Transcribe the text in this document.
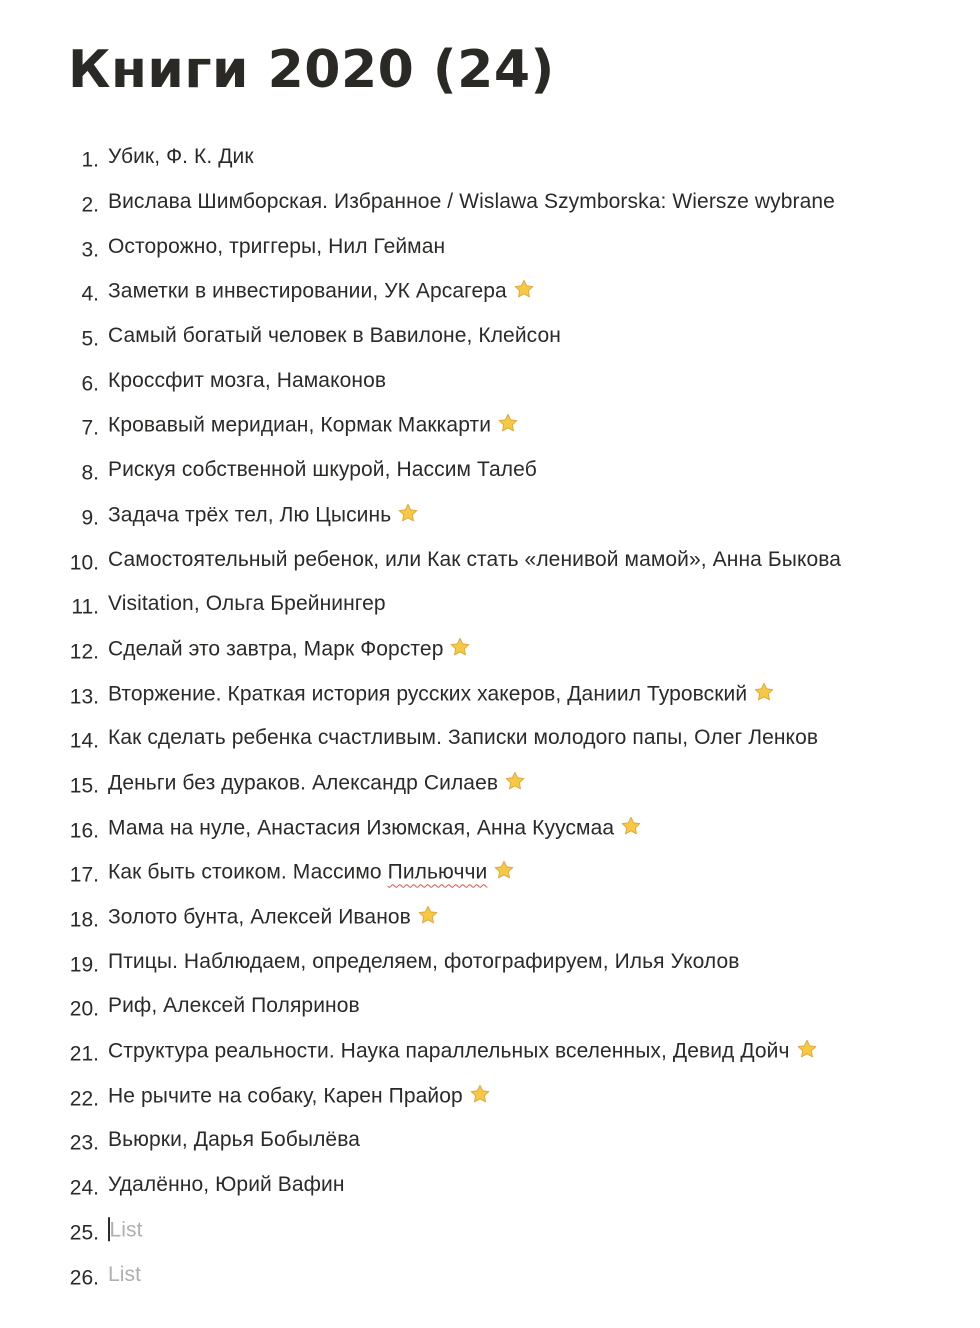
Книги 2020 (24)
1. Убик, Ф. К. Дик
2. Вислава Шимборская. Избранное / Wislawa Szymborska: Wiersze wybrane
3. Осторожно, триггеры, Нил Гейман
4. Заметки в инвестировании, УК Арсагера
5. Самый богатый человек в Вавилоне, Клейсон
6. Кроссфит мозга, Намаконов
7. Кровавый меридиан, Кормак Маккарти
8. Рискуя собственной шкурой, Нассим Талеб
9. Задача трёх тел, Лю Цысинь
10. Самостоятельный ребенок, или Как стать «ленивой мамой», Анна Быкова
11. Visitation, Ольга Брейнингер
12. Сделай это завтра, Марк Форстер
13. Вторжение. Краткая история русских хакеров, Даниил Туровский
14. Как сделать ребенка счастливым. Записки молодого папы, Олег Ленков
15. Деньги без дураков. Александр Силаев
16. Мама на нуле, Анастасия Изюмская, Анна Куусмаа
17. Как быть стоиком. Массимо Пильюччи
18. Золото бунта, Алексей Иванов
19. Птицы. Наблюдаем, определяем, фотографируем, Илья Уколов
20. Риф, Алексей Поляринов
21. Структура реальности. Наука параллельных вселенных, Девид Дойч
22. Не рычите на собаку, Карен Прайор
23. Вьюрки, Дарья Бобылёва
24. Удалённо, Юрий Вафин
25. List
26. List
